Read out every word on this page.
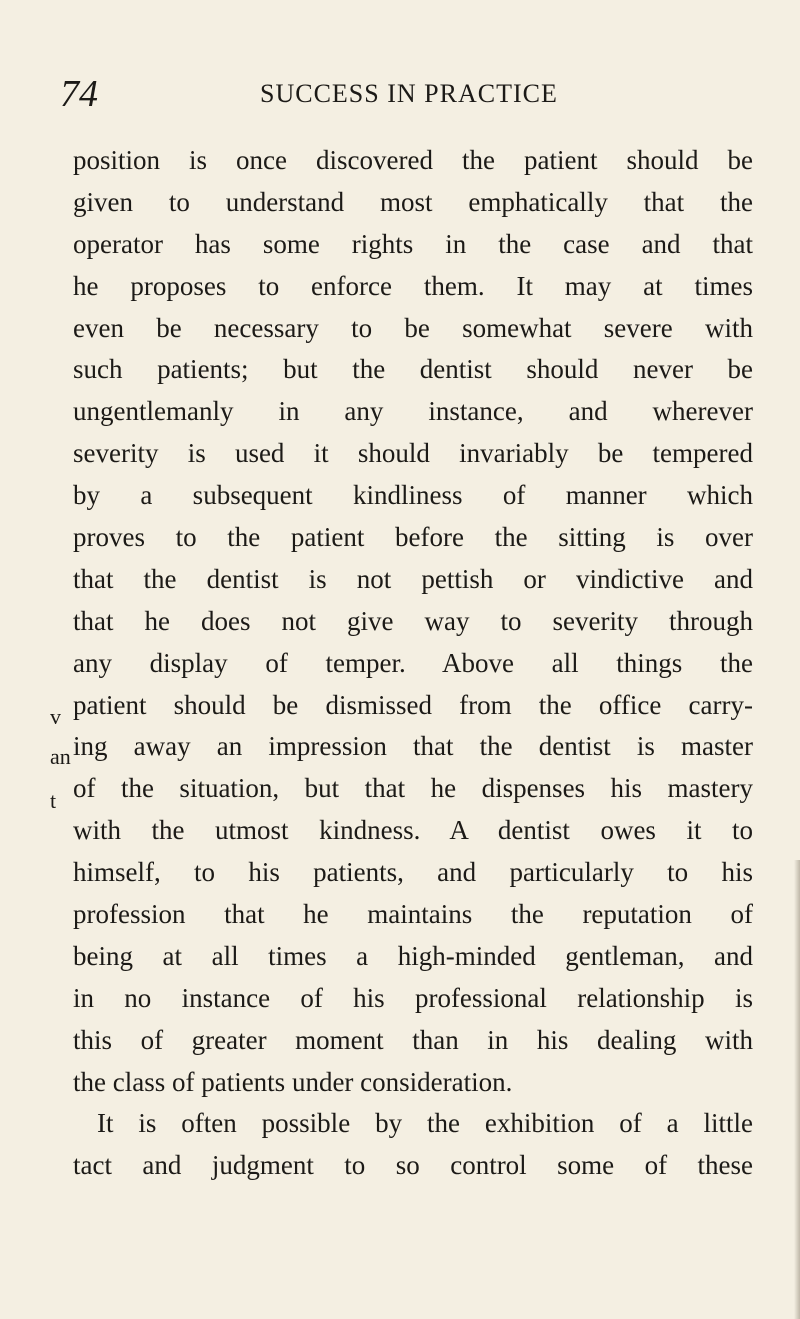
74	SUCCESS IN PRACTICE
position is once discovered the patient should be
given to understand most emphatically that the
operator has some rights in the case and that
he proposes to enforce them. It may at times
even be necessary to be somewhat severe with
such patients; but the dentist should never be
ungentlemanly in any instance, and wherever
severity is used it should invariably be tempered
by a subsequent kindliness of manner which
proves to the patient before the sitting is over
that the dentist is not pettish or vindictive and
that he does not give way to severity through
any display of temper. Above all things the
patient should be dismissed from the office carry-
ing away an impression that the dentist is master
of the situation, but that he dispenses his mastery
with the utmost kindness. A dentist owes it to
himself, to his patients, and particularly to his
profession that he maintains the reputation of
being at all times a high-minded gentleman, and
in no instance of his professional relationship is
this of greater moment than in his dealing with
the class of patients under consideration.
It is often possible by the exhibition of a little
tact and judgment to so control some of these
v
an
t
